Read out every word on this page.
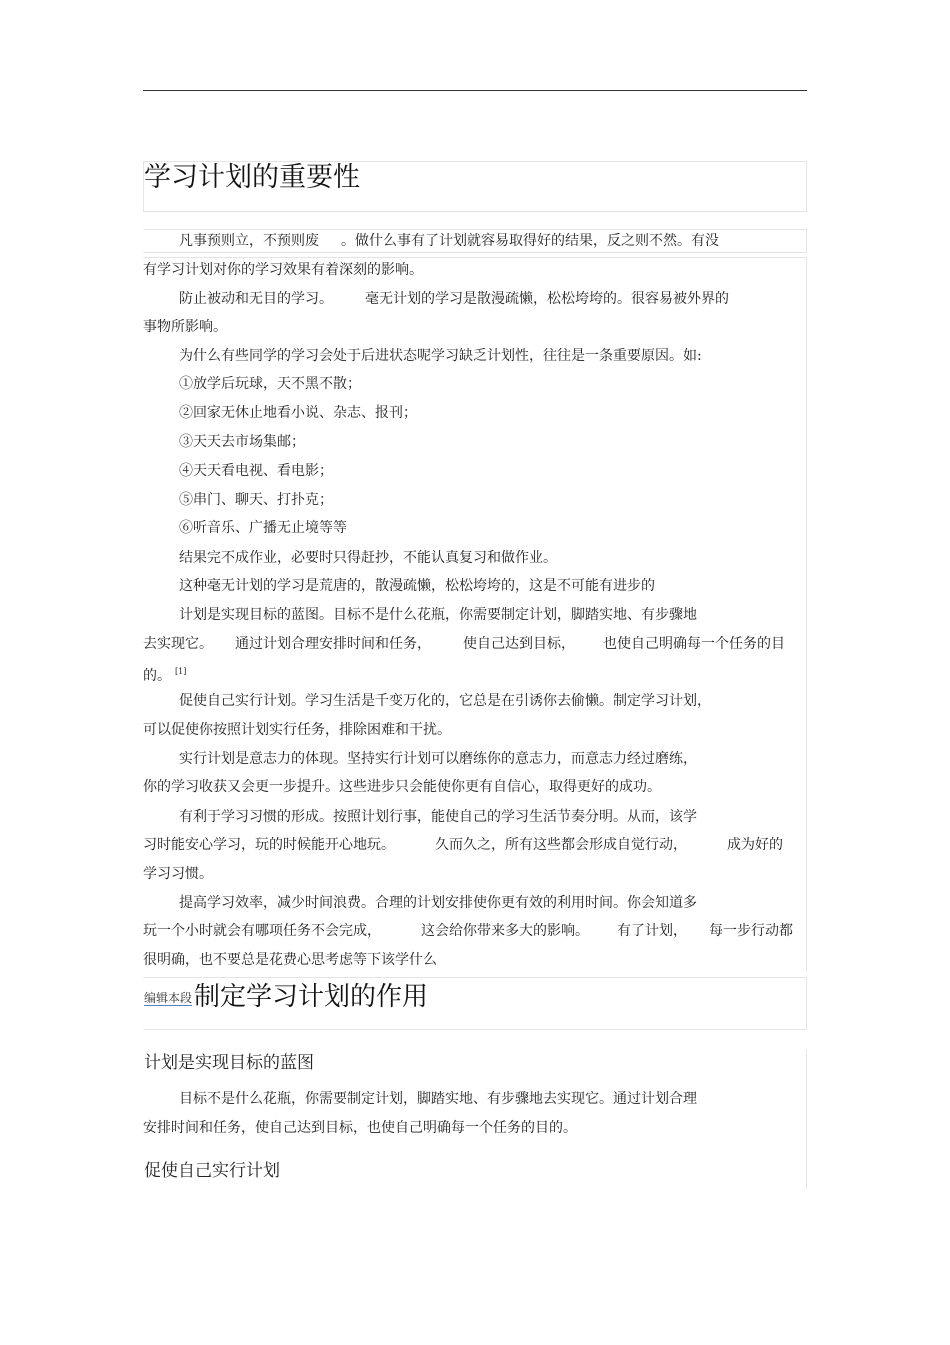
学习计划的重要性
凡事预则立，不预则废 。做什么事有了计划就容易取得好的结果，反之则不然。有没
有学习计划对你的学习效果有着深刻的影响。
防止被动和无目的学习。 毫无计划的学习是散漫疏懒，松松垮垮的。很容易被外界的
事物所影响。
为什么有些同学的学习会处于后进状态呢学习缺乏计划性，往往是一条重要原因。如:
①放学后玩球，天不黑不散；
②回家无休止地看小说、杂志、报刊；
③天天去市场集邮；
④天天看电视、看电影；
⑤串门、聊天、打扑克；
⑥听音乐、广播无止境等等
结果完不成作业，必要时只得赶抄，不能认真复习和做作业。
这种毫无计划的学习是荒唐的，散漫疏懒，松松垮垮的，这是不可能有进步的
计划是实现目标的蓝图。目标不是什么花瓶，你需要制定计划，脚踏实地、有步骤地
去实现它。 通过计划合理安排时间和任务， 使自己达到目标， 也使自己明确每一个任务的目
的。 [1]
促使自己实行计划。学习生活是千变万化的，它总是在引诱你去偷懒。制定学习计划，
可以促使你按照计划实行任务，排除困难和干扰。
实行计划是意志力的体现。坚持实行计划可以磨练你的意志力，而意志力经过磨练，
你的学习收获又会更一步提升。这些进步只会能使你更有自信心，取得更好的成功。
有利于学习习惯的形成。按照计划行事，能使自己的学习生活节奏分明。从而，该学
习时能安心学习，玩的时候能开心地玩。	久而久之，所有这些都会形成自觉行动，	成为好的
学习习惯。
提高学习效率，减少时间浪费。合理的计划安排使你更有效的利用时间。你会知道多
玩一个小时就会有哪项任务不会完成，	这会给你带来多大的影响。 有了计划， 每一步行动都
很明确，也不要总是花费心思考虑等下该学什么
编辑本段制定学习计划的作用
计划是实现目标的蓝图
目标不是什么花瓶，你需要制定计划，脚踏实地、有步骤地去实现它。通过计划合理
安排时间和任务，使自己达到目标，也使自己明确每一个任务的目的。
促使自己实行计划
